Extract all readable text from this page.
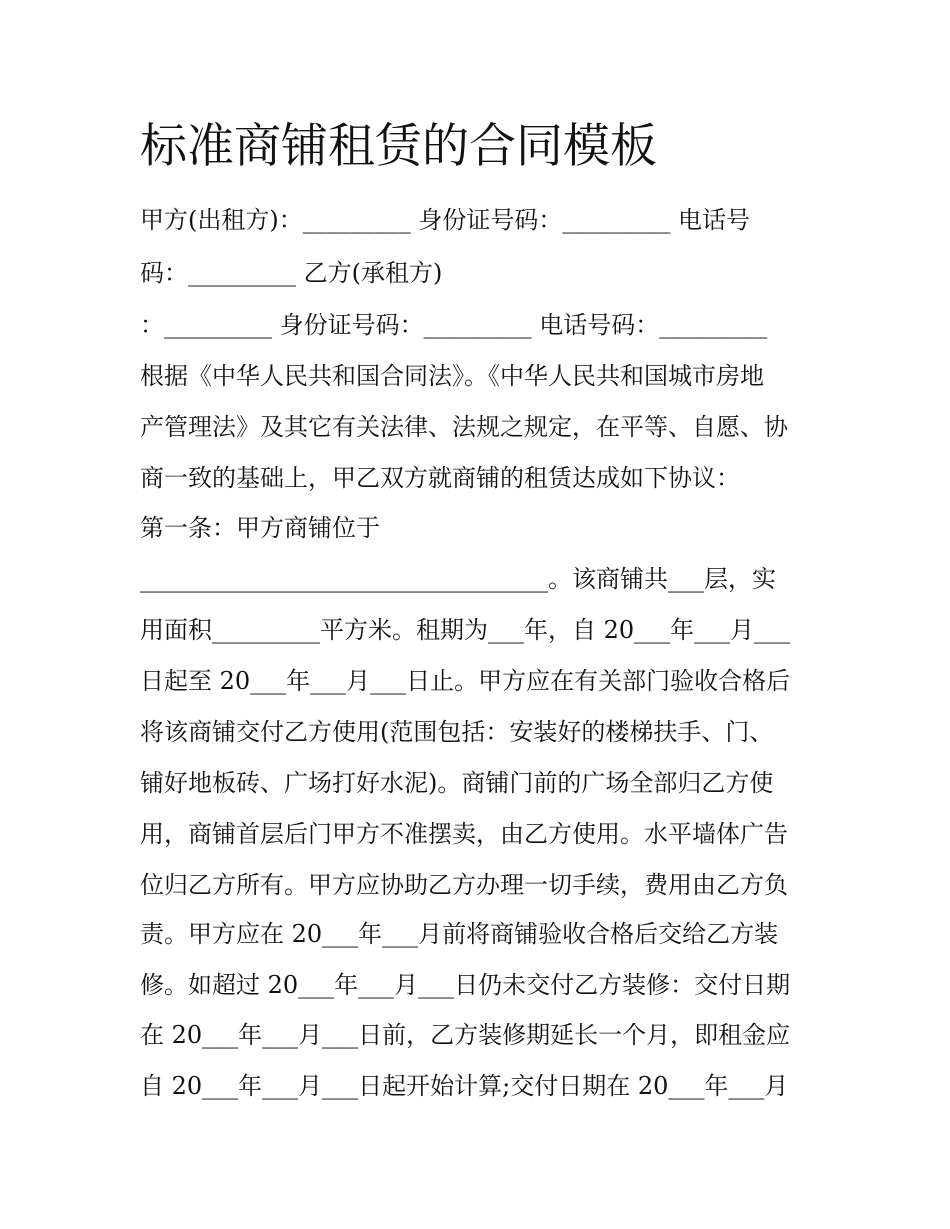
标准商铺租赁的合同模板
甲方(出租方)：_________ 身份证号码：_________ 电话号
码：_________ 乙方(承租方)
：_________ 身份证号码：_________ 电话号码：_________
根据《中华人民共和国合同法》。《中华人民共和国城市房地
产管理法》及其它有关法律、法规之规定，在平等、自愿、协
商一致的基础上，甲乙双方就商铺的租赁达成如下协议：
第一条：甲方商铺位于
__________________________________。该商铺共___层，实
用面积_________平方米。租期为___年，自 20___年___月___
日起至 20___年___月___日止。甲方应在有关部门验收合格后
将该商铺交付乙方使用(范围包括：安装好的楼梯扶手、门、
铺好地板砖、广场打好水泥)。商铺门前的广场全部归乙方使
用，商铺首层后门甲方不准摆卖，由乙方使用。水平墙体广告
位归乙方所有。甲方应协助乙方办理一切手续，费用由乙方负
责。甲方应在 20___年___月前将商铺验收合格后交给乙方装
修。如超过 20___年___月___日仍未交付乙方装修：交付日期
在 20___年___月___日前，乙方装修期延长一个月，即租金应
自 20___年___月___日起开始计算;交付日期在 20___年___月
